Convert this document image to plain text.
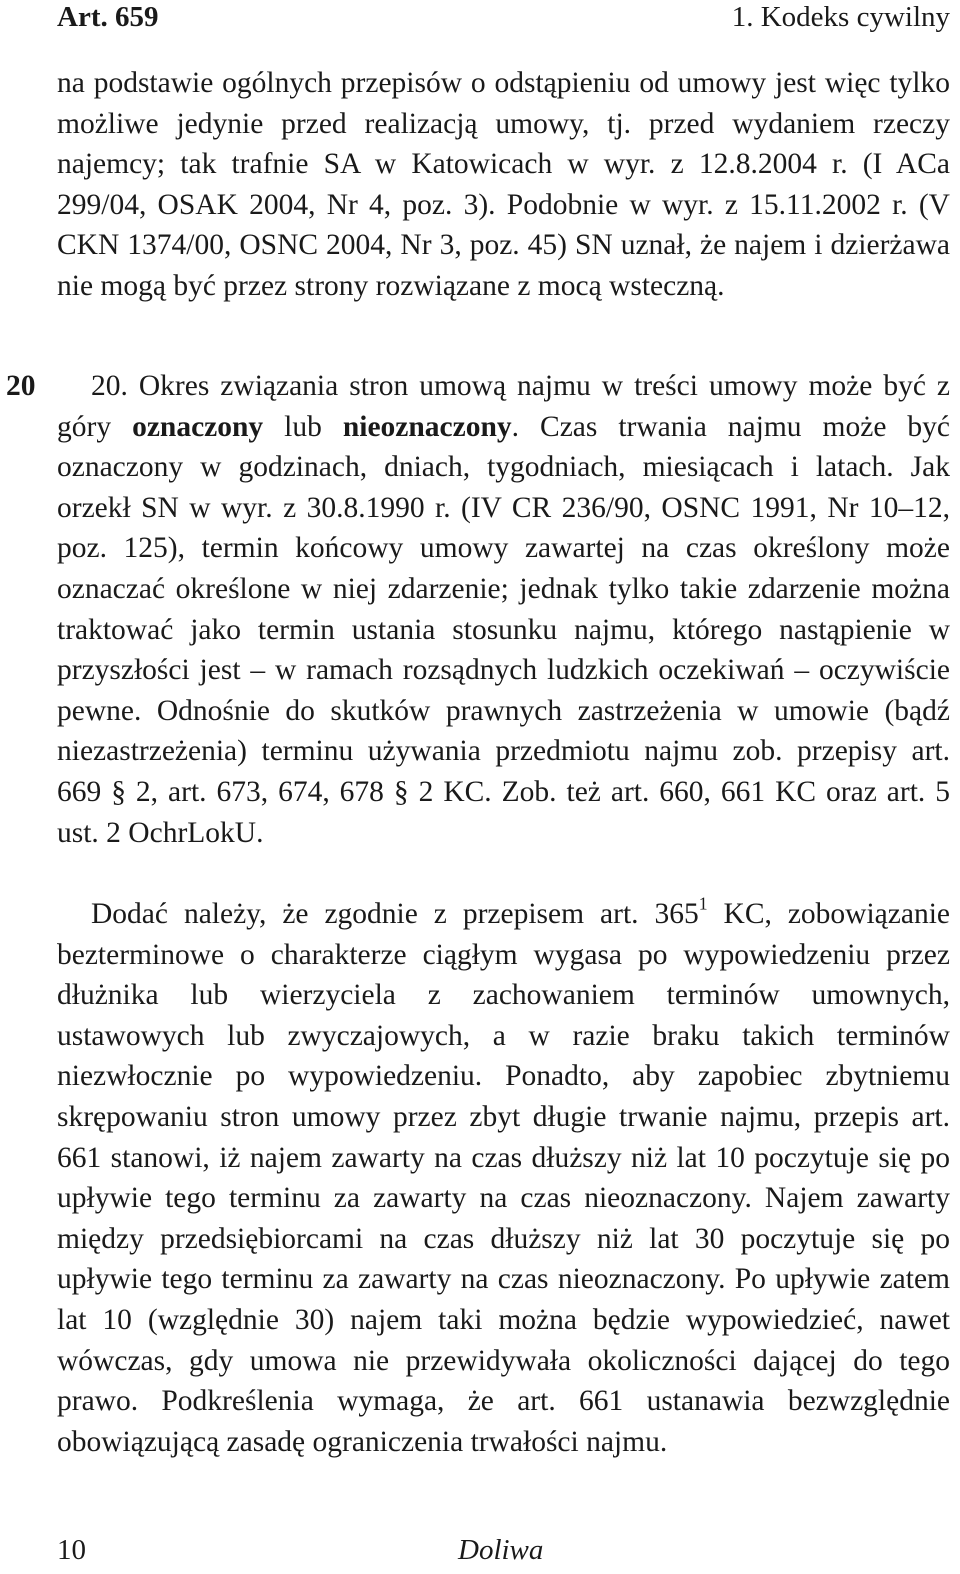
Art. 659	1. Kodeks cywilny

na podstawie ogólnych przepisów o odstąpieniu od umowy jest więc tylko możliwe jedynie przed realizacją umowy, tj. przed wydaniem rzeczy najemcy; tak trafnie SA w Katowicach w wyr. z 12.8.2004 r. (I ACa 299/04, OSAK 2004, Nr 4, poz. 3). Podobnie w wyr. z 15.11.2002 r. (V CKN 1374/00, OSNC 2004, Nr 3, poz. 45) SN uznał, że najem i dzierżawa nie mogą być przez strony rozwiązane z mocą wsteczną.

20	20. Okres związania stron umową najmu w treści umowy może być z góry oznaczony lub nieoznaczony. Czas trwania najmu może być oznaczony w godzinach, dniach, tygodniach, miesiącach i latach. Jak orzekł SN w wyr. z 30.8.1990 r. (IV CR 236/90, OSNC 1991, Nr 10–12, poz. 125), termin końcowy umowy zawartej na czas określony może oznaczać określone w niej zdarzenie; jednak tylko takie zdarzenie można traktować jako termin ustania stosunku najmu, którego nastąpienie w przyszłości jest – w ramach rozsądnych ludzkich oczekiwań – oczywiście pewne. Odnośnie do skutków prawnych zastrzeżenia w umowie (bądź niezastrzeżenia) terminu używania przedmiotu najmu zob. przepisy art. 669 § 2, art. 673, 674, 678 § 2 KC. Zob. też art. 660, 661 KC oraz art. 5 ust. 2 OchrLokU.

Dodać należy, że zgodnie z przepisem art. $365^1$ KC, zobowiązanie bezterminowe o charakterze ciągłym wygasa po wypowiedzeniu przez dłużnika lub wierzyciela z zachowaniem terminów umownych, ustawowych lub zwyczajowych, a w razie braku takich terminów niezwłocznie po wypowiedzeniu. Ponadto, aby zapobiec zbytniemu skrępowaniu stron umowy przez zbyt długie trwanie najmu, przepis art. 661 stanowi, iż najem zawarty na czas dłuższy niż lat 10 poczytuje się po upływie tego terminu za zawarty na czas nieoznaczony. Najem zawarty między przedsiębiorcami na czas dłuższy niż lat 30 poczytuje się po upływie tego terminu za zawarty na czas nieoznaczony. Po upływie zatem lat 10 (względnie 30) najem taki można będzie wypowiedzieć, nawet wówczas, gdy umowa nie przewidywała okoliczności dającej do tego prawo. Podkreślenia wymaga, że art. 661 ustanawia bezwzględnie obowiązującą zasadę ograniczenia trwałości najmu.

10	Doliwa
